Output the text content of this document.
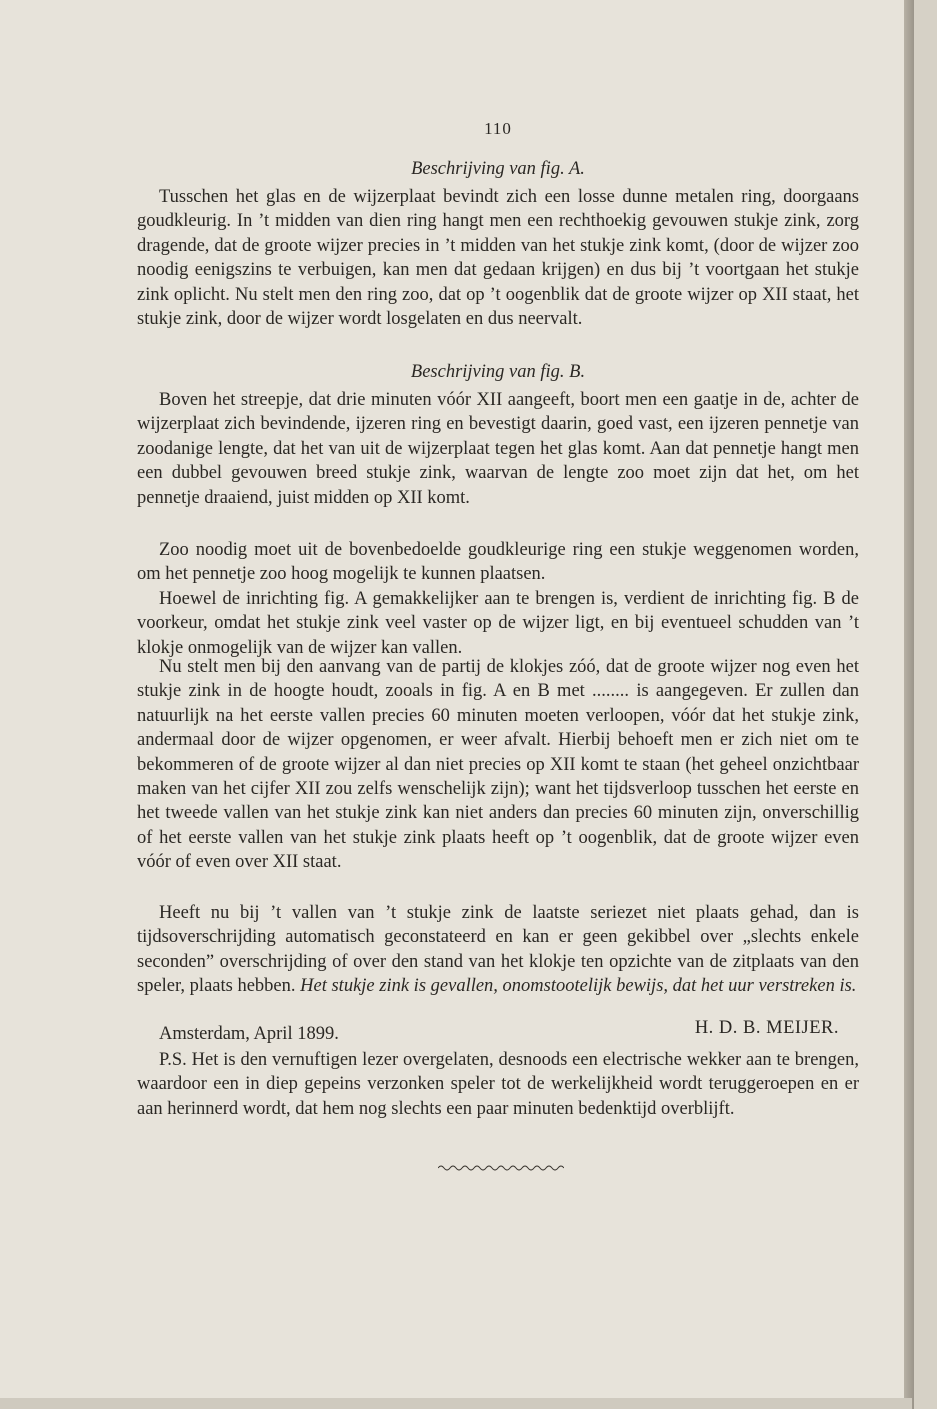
110

Beschrijving van fig. A.

Tusschen het glas en de wijzerplaat bevindt zich een losse dunne metalen ring, doorgaans goudkleurig. In ’t midden van dien ring hangt men een rechthoekig gevouwen stukje zink, zorg dragende, dat de groote wijzer precies in ’t midden van het stukje zink komt, (door de wijzer zoo noodig eenigszins te verbuigen, kan men dat gedaan krijgen) en dus bij ’t voortgaan het stukje zink oplicht. Nu stelt men den ring zoo, dat op ’t oogenblik dat de groote wijzer op XII staat, het stukje zink, door de wijzer wordt losgelaten en dus neervalt.

Beschrijving van fig. B.

Boven het streepje, dat drie minuten vóór XII aangeeft, boort men een gaatje in de, achter de wijzerplaat zich bevindende, ijzeren ring en bevestigt daarin, goed vast, een ijzeren pennetje van zoodanige lengte, dat het van uit de wijzerplaat tegen het glas komt. Aan dat pennetje hangt men een dubbel gevouwen breed stukje zink, waarvan de lengte zoo moet zijn dat het, om het pennetje draaiend, juist midden op XII komt.

Zoo noodig moet uit de bovenbedoelde goudkleurige ring een stukje weggenomen worden, om het pennetje zoo hoog mogelijk te kunnen plaatsen.

Hoewel de inrichting fig. A gemakkelijker aan te brengen is, verdient de inrichting fig. B de voorkeur, omdat het stukje zink veel vaster op de wijzer ligt, en bij eventueel schudden van ’t klokje onmogelijk van de wijzer kan vallen.

Nu stelt men bij den aanvang van de partij de klokjes zóó, dat de groote wijzer nog even het stukje zink in de hoogte houdt, zooals in fig. A en B met ........ is aangegeven. Er zullen dan natuurlijk na het eerste vallen precies 60 minuten moeten verloopen, vóór dat het stukje zink, andermaal door de wijzer opgenomen, er weer afvalt. Hierbij behoeft men er zich niet om te bekommeren of de groote wijzer al dan niet precies op XII komt te staan (het geheel onzichtbaar maken van het cijfer XII zou zelfs wenschelijk zijn); want het tijdsverloop tusschen het eerste en het tweede vallen van het stukje zink kan niet anders dan precies 60 minuten zijn, onverschillig of het eerste vallen van het stukje zink plaats heeft op ’t oogenblik, dat de groote wijzer even vóór of even over XII staat.

Heeft nu bij ’t vallen van ’t stukje zink de laatste seriezet niet plaats gehad, dan is tijdsoverschrijding automatisch geconstateerd en kan er geen gekibbel over „slechts enkele seconden” overschrijding of over den stand van het klokje ten opzichte van de zitplaats van den speler, plaats hebben. Het stukje zink is gevallen, onomstootelijk bewijs, dat het uur verstreken is.

Amsterdam, April 1899.	H. D. B. MEIJER.

P.S. Het is den vernuftigen lezer overgelaten, desnoods een electrische wekker aan te brengen, waardoor een in diep gepeins verzonken speler tot de werkelijkheid wordt teruggeroepen en er aan herinnerd wordt, dat hem nog slechts een paar minuten bedenktijd overblijft.
